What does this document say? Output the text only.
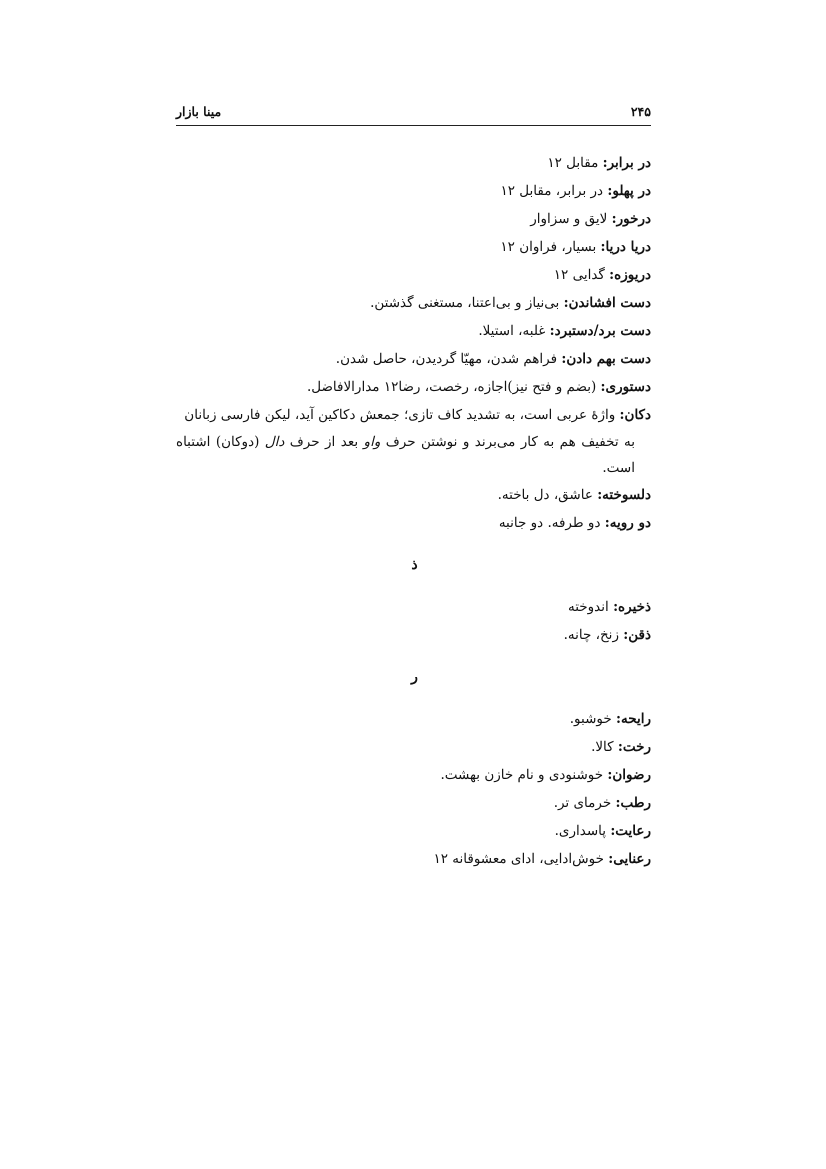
۲۴۵
مینا بازار
در برابر: مقابل ۱۲
در پهلو: در برابر، مقابل ۱۲
درخور: لایق و سزاوار
دریا دریا: بسیار، فراوان ۱۲
دریوزه: گدایی ۱۲
دست افشاندن: بی‌نیاز و بی‌اعتنا، مستغنی گذشتن.
دست برد/دستبرد: غلبه، استیلا.
دست بهم دادن: فراهم شدن، مهیّا گردیدن، حاصل شدن.
دستوری: (بضم و فتح نیز)اجازه، رخصت، رضا۱۲ مدارالافاضل.
دکان: واژهٔ عربی است، به تشدید کاف تازی؛ جمعش دکاکین آید، لیکن فارسی زبانان
به تخفیف هم به کار می‌برند و نوشتن حرف واو بعد از حرف دال (دوکان) اشتباه است.
دلسوخته: عاشق، دل باخته.
دو رویه: دو طرفه. دو جانبه
ذ
ذخیره: اندوخته
ذقن: زنخ، چانه.
ر
رایحه: خوشبو.
رخت: کالا.
رضوان: خوشنودی و نام خازن بهشت.
رطب: خرمای تر.
رعایت: پاسداری.
رعنایی: خوش‌ادایی، ادای معشوقانه ۱۲
